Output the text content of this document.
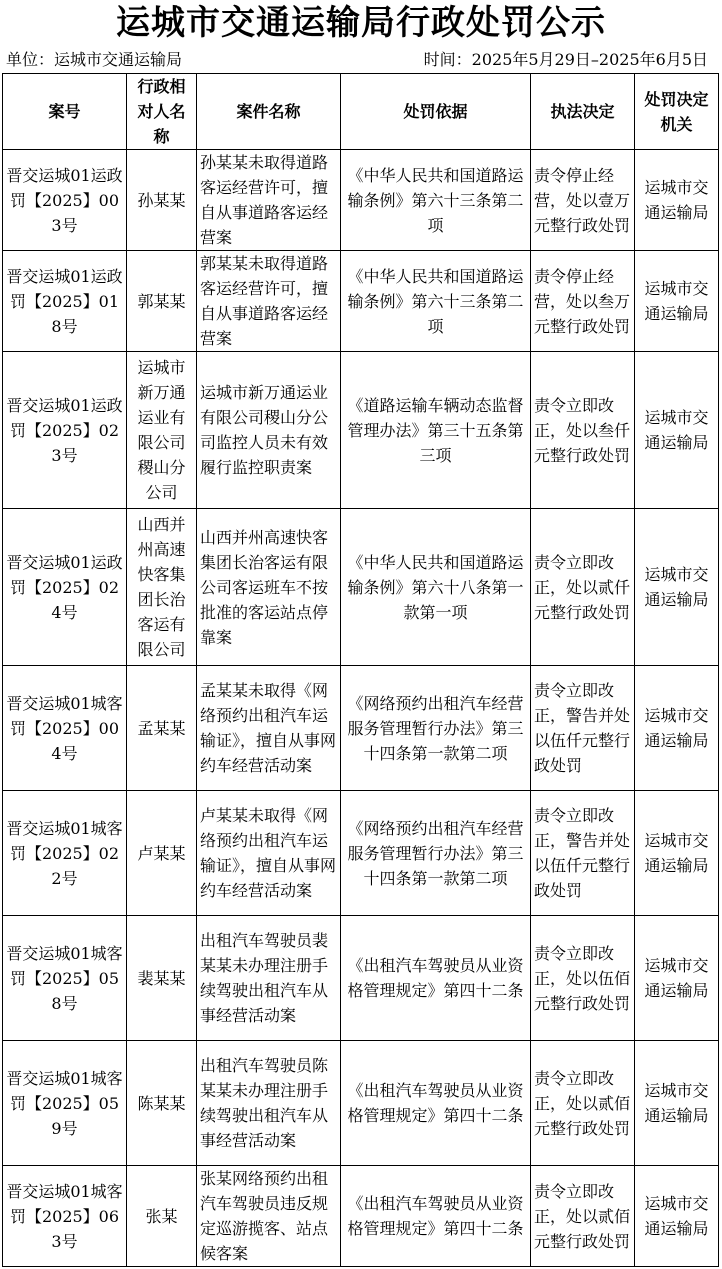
运城市交通运输局行政处罚公示
单位：运城市交通运输局	时间：2025年5月29日–2025年6月5日
案号	行政相对人名称	案件名称	处罚依据	执法决定	处罚决定机关
晋交运城01运政罚【2025】003号	孙某某	孙某某未取得道路客运经营许可，擅自从事道路客运经营案	《中华人民共和国道路运输条例》第六十三条第二项	责令停止经营，处以壹万元整行政处罚	运城市交通运输局
晋交运城01运政罚【2025】018号	郭某某	郭某某未取得道路客运经营许可，擅自从事道路客运经营案	《中华人民共和国道路运输条例》第六十三条第二项	责令停止经营，处以叁万元整行政处罚	运城市交通运输局
晋交运城01运政罚【2025】023号	运城市新万通运业有限公司稷山分公司	运城市新万通运业有限公司稷山分公司监控人员未有效履行监控职责案	《道路运输车辆动态监督管理办法》第三十五条第三项	责令立即改正，处以叁仟元整行政处罚	运城市交通运输局
晋交运城01运政罚【2025】024号	山西并州高速快客集团长治客运有限公司	山西并州高速快客集团长治客运有限公司客运班车不按批准的客运站点停靠案	《中华人民共和国道路运输条例》第六十八条第一款第一项	责令立即改正，处以贰仟元整行政处罚	运城市交通运输局
晋交运城01城客罚【2025】004号	孟某某	孟某某未取得《网络预约出租汽车运输证》，擅自从事网约车经营活动案	《网络预约出租汽车经营服务管理暂行办法》第三十四条第一款第二项	责令立即改正，警告并处以伍仟元整行政处罚	运城市交通运输局
晋交运城01城客罚【2025】022号	卢某某	卢某某未取得《网络预约出租汽车运输证》，擅自从事网约车经营活动案	《网络预约出租汽车经营服务管理暂行办法》第三十四条第一款第二项	责令立即改正，警告并处以伍仟元整行政处罚	运城市交通运输局
晋交运城01城客罚【2025】058号	裴某某	出租汽车驾驶员裴某某未办理注册手续驾驶出租汽车从事经营活动案	《出租汽车驾驶员从业资格管理规定》第四十二条	责令立即改正，处以伍佰元整行政处罚	运城市交通运输局
晋交运城01城客罚【2025】059号	陈某某	出租汽车驾驶员陈某某未办理注册手续驾驶出租汽车从事经营活动案	《出租汽车驾驶员从业资格管理规定》第四十二条	责令立即改正，处以贰佰元整行政处罚	运城市交通运输局
晋交运城01城客罚【2025】063号	张某	张某网络预约出租汽车驾驶员违反规定巡游揽客、站点候客案	《出租汽车驾驶员从业资格管理规定》第四十二条	责令立即改正，处以贰佰元整行政处罚	运城市交通运输局
